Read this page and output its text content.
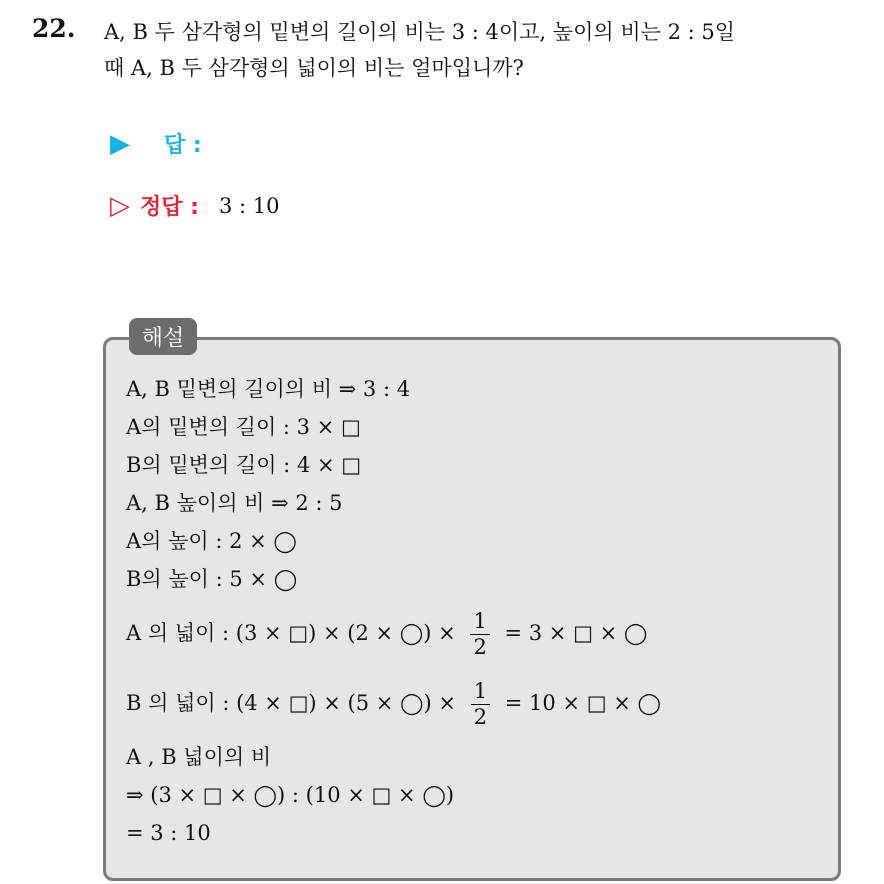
22. A, B 두 삼각형의 밑변의 길이의 비는 3 : 4이고, 높이의 비는 2 : 5일
때 A, B 두 삼각형의 넓이의 비는 얼마입니까?
▶ 답 :
▷ 정답 : 3 : 10
해설
A, B 밑변의 길이의 비 ⇒ 3 : 4
A의 밑변의 길이 : 3 × □
B의 밑변의 길이 : 4 × □
A, B 높이의 비 ⇒ 2 : 5
A의 높이 : 2 × ◯
B의 높이 : 5 × ◯
A 의 넓이 : (3 × □) × (2 × ◯) × $\frac{1}{2} = 3$ × □ × ◯
B 의 넓이 : (4 × □) × (5 × ◯) × $\frac{1}{2} = 10$ × □ × ◯
A , B 넓이의 비
⇒ (3 × □ × ◯) : (10 × □ × ◯)
= 3 : 10
